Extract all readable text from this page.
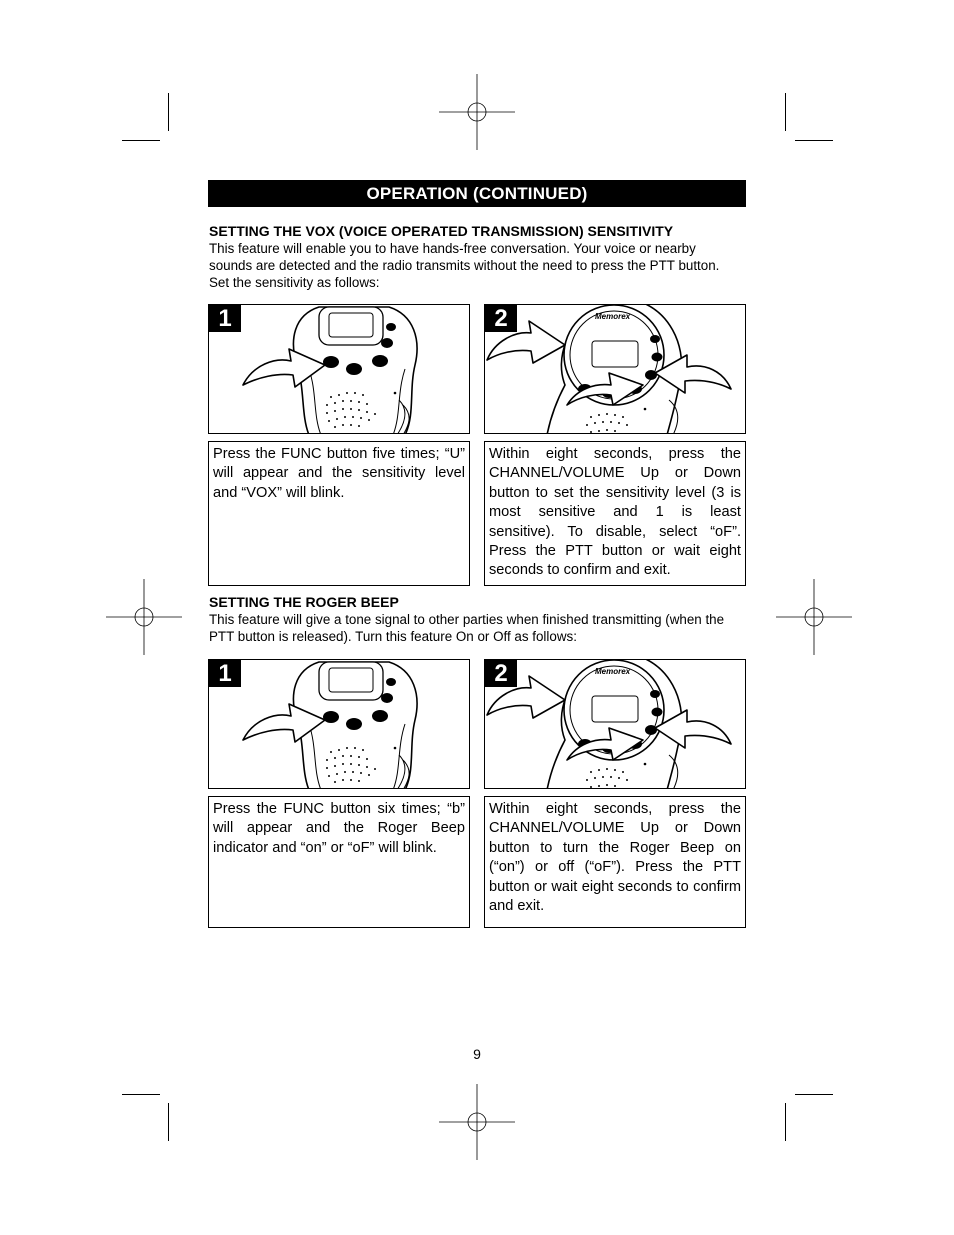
OPERATION (CONTINUED)
SETTING THE VOX (VOICE OPERATED TRANSMISSION) SENSITIVITY
This feature will enable you to have hands-free conversation. Your voice or nearby sounds are detected and the radio transmits without the need to press the PTT button. Set the sensitivity as follows:
1	Memorex
2
Press the FUNC button five times; “U” will appear and the sensitivity level and “VOX” will blink.
Within eight seconds, press the CHANNEL/VOLUME Up or Down button to set the sensitivity level (3 is most sensitive and 1 is least sensitive). To disable, select “oF”. Press the PTT button or wait eight seconds to confirm and exit.
SETTING THE ROGER BEEP
This feature will give a tone signal to other parties when finished transmitting (when the PTT button is released). Turn this feature On or Off as follows:
1	Memorex
2
Press the FUNC button six times; “b” will appear and the Roger Beep indicator and “on” or “oF” will blink.
Within eight seconds, press the CHANNEL/VOLUME Up or Down button to turn the Roger Beep on (“on”) or off (“oF”). Press the PTT button or wait eight seconds to confirm and exit.
9
